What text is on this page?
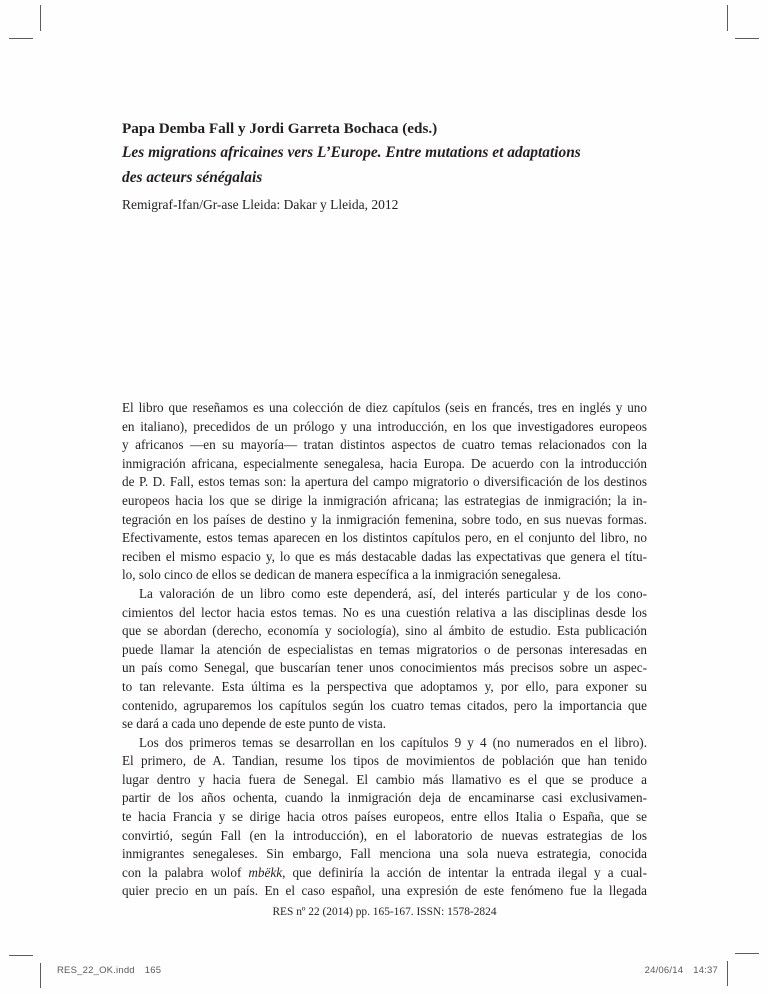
Papa Demba Fall y Jordi Garreta Bochaca (eds.)
Les migrations africaines vers L’Europe. Entre mutations et adaptations
des acteurs sénégalais
Remigraf-Ifan/Gr-ase Lleida: Dakar y Lleida, 2012
El libro que reseñamos es una colección de diez capítulos (seis en francés, tres en inglés y uno
en italiano), precedidos de un prólogo y una introducción, en los que investigadores europeos
y africanos —en su mayoría— tratan distintos aspectos de cuatro temas relacionados con la
inmigración africana, especialmente senegalesa, hacia Europa. De acuerdo con la introducción
de P. D. Fall, estos temas son: la apertura del campo migratorio o diversificación de los destinos
europeos hacia los que se dirige la inmigración africana; las estrategias de inmigración; la in-
tegración en los países de destino y la inmigración femenina, sobre todo, en sus nuevas formas.
Efectivamente, estos temas aparecen en los distintos capítulos pero, en el conjunto del libro, no
reciben el mismo espacio y, lo que es más destacable dadas las expectativas que genera el títu-
lo, solo cinco de ellos se dedican de manera específica a la inmigración senegalesa.
La valoración de un libro como este dependerá, así, del interés particular y de los cono-
cimientos del lector hacia estos temas. No es una cuestión relativa a las disciplinas desde los
que se abordan (derecho, economía y sociología), sino al ámbito de estudio. Esta publicación
puede llamar la atención de especialistas en temas migratorios o de personas interesadas en
un país como Senegal, que buscarían tener unos conocimientos más precisos sobre un aspec-
to tan relevante. Esta última es la perspectiva que adoptamos y, por ello, para exponer su
contenido, agruparemos los capítulos según los cuatro temas citados, pero la importancia que
se dará a cada uno depende de este punto de vista.
Los dos primeros temas se desarrollan en los capítulos 9 y 4 (no numerados en el libro).
El primero, de A. Tandian, resume los tipos de movimientos de población que han tenido
lugar dentro y hacia fuera de Senegal. El cambio más llamativo es el que se produce a
partir de los años ochenta, cuando la inmigración deja de encaminarse casi exclusivamen-
te hacia Francia y se dirige hacia otros países europeos, entre ellos Italia o España, que se
convirtió, según Fall (en la introducción), en el laboratorio de nuevas estrategias de los
inmigrantes senegaleses. Sin embargo, Fall menciona una sola nueva estrategia, conocida
con la palabra wolof mbëkk, que definiría la acción de intentar la entrada ilegal y a cual-
quier precio en un país. En el caso español, una expresión de este fenómeno fue la llegada
RES nº 22 (2014) pp. 165-167. ISSN: 1578-2824
RES_22_OK.indd 165	24/06/14 14:37
